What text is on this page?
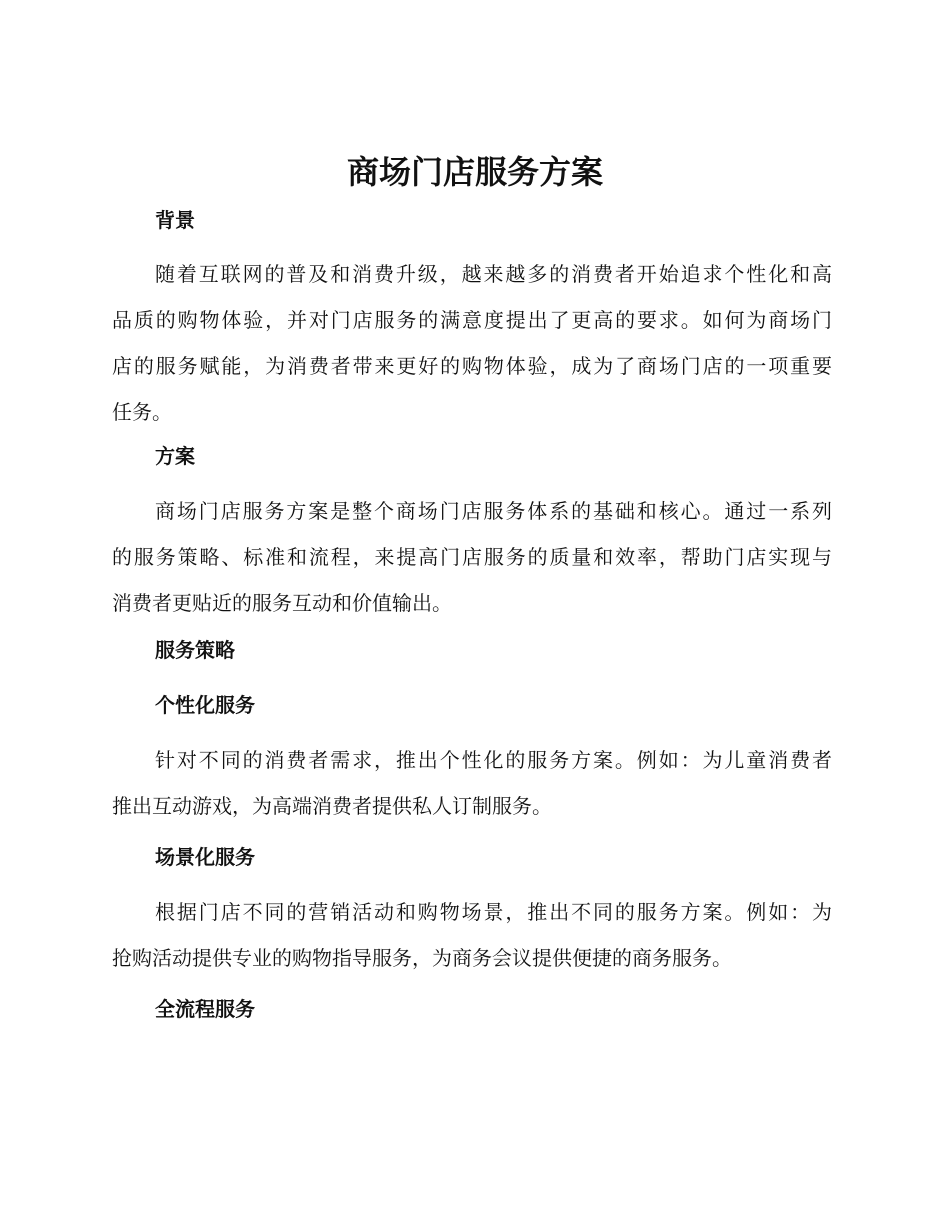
商场门店服务方案
背景
随着互联网的普及和消费升级，越来越多的消费者开始追求个性化和高
品质的购物体验，并对门店服务的满意度提出了更高的要求。如何为商场门
店的服务赋能，为消费者带来更好的购物体验，成为了商场门店的一项重要
任务。
方案
商场门店服务方案是整个商场门店服务体系的基础和核心。通过一系列
的服务策略、标准和流程，来提高门店服务的质量和效率，帮助门店实现与
消费者更贴近的服务互动和价值输出。
服务策略
个性化服务
针对不同的消费者需求，推出个性化的服务方案。例如：为儿童消费者
推出互动游戏，为高端消费者提供私人订制服务。
场景化服务
根据门店不同的营销活动和购物场景，推出不同的服务方案。例如：为
抢购活动提供专业的购物指导服务，为商务会议提供便捷的商务服务。
全流程服务
